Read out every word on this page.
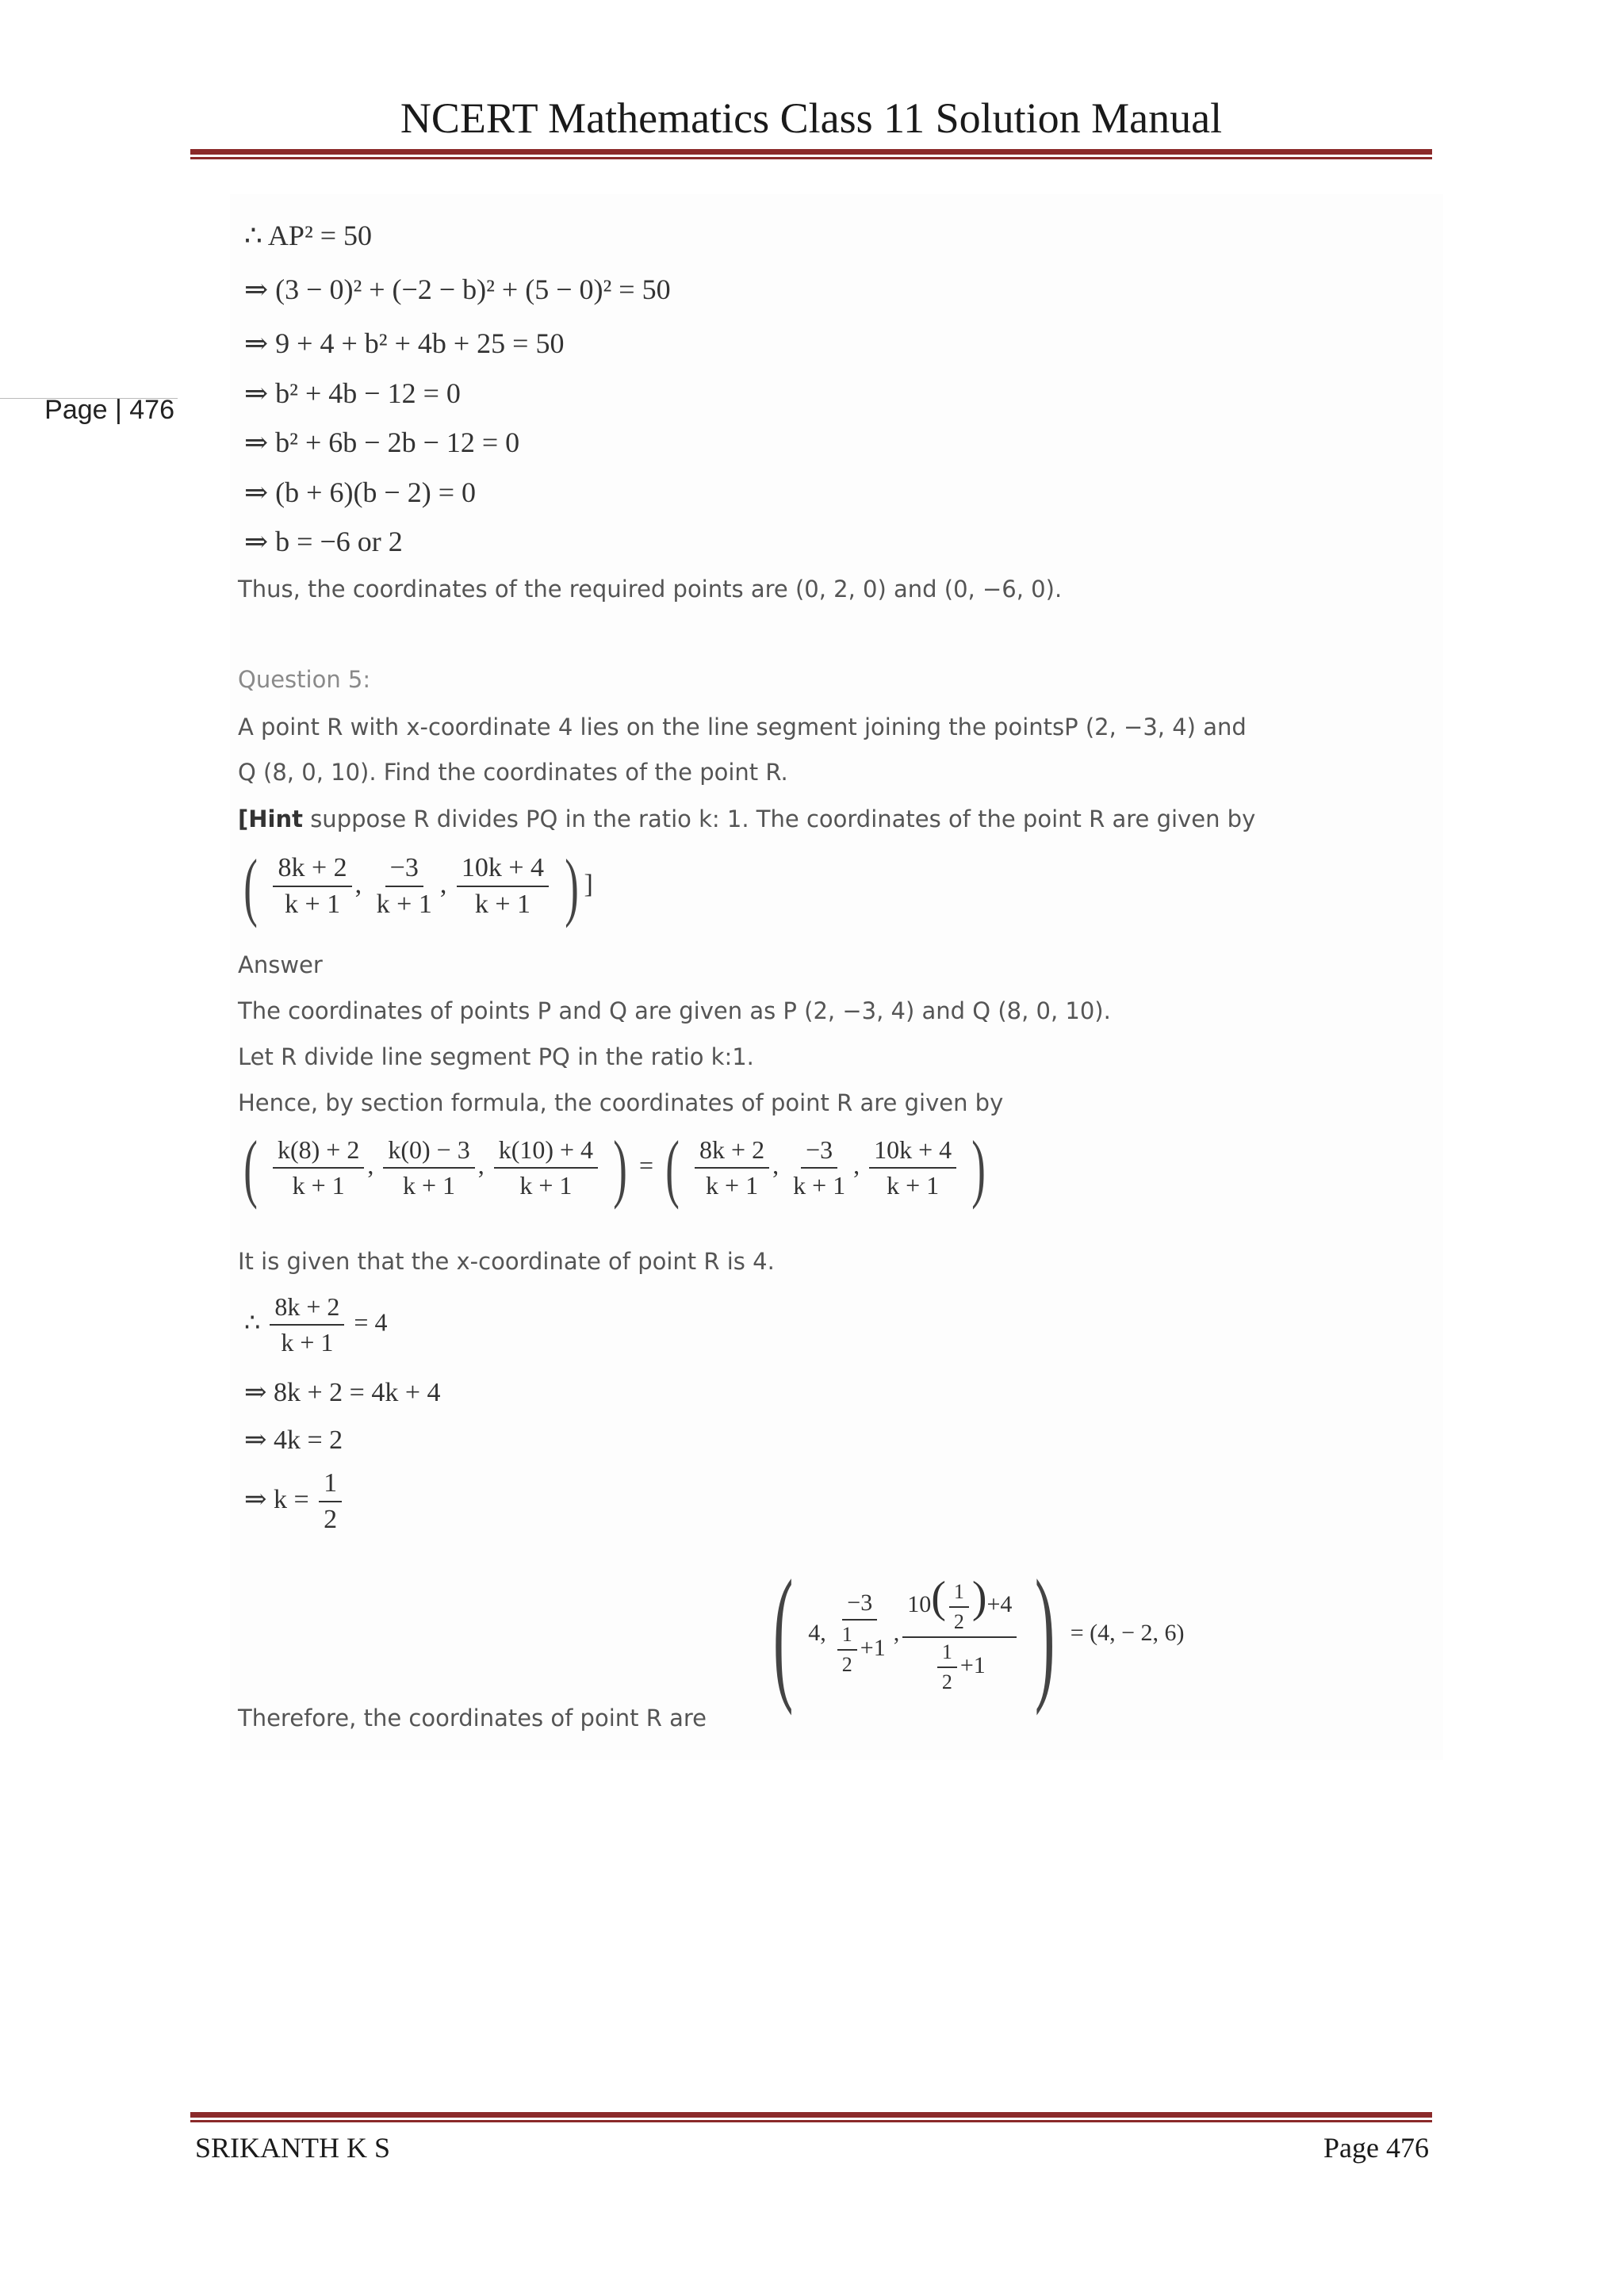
NCERT Mathematics Class 11 Solution Manual
Page | 476
∴ AP² = 50
⇒ (3 − 0)² + (−2 − b)² + (5 − 0)² = 50
⇒ 9 + 4 + b² + 4b + 25 = 50
⇒ b² + 4b − 12 = 0
⇒ b² + 6b − 2b − 12 = 0
⇒ (b + 6)(b − 2) = 0
⇒ b = −6 or 2
Thus, the coordinates of the required points are (0, 2, 0) and (0, −6, 0).
Question 5:
A point R with x-coordinate 4 lies on the line segment joining the pointsP (2, −3, 4) and
Q (8, 0, 10). Find the coordinates of the point R.
[Hint suppose R divides PQ in the ratio k: 1. The coordinates of the point R are given by
( $\frac{8k + 2}{k + 1}$ , $\frac{-3}{k + 1}$ , $\frac{10k + 4}{k + 1}$ ) ]
Answer
The coordinates of points P and Q are given as P (2, −3, 4) and Q (8, 0, 10).
Let R divide line segment PQ in the ratio k:1.
Hence, by section formula, the coordinates of point R are given by
( $\frac{k(8) + 2}{k + 1}$ , $\frac{k(0) - 3}{k + 1}$ , $\frac{k(10) + 4}{k + 1}$ ) = ( $\frac{8k + 2}{k + 1}$ , $\frac{-3}{k + 1}$ , $\frac{10k + 4}{k + 1}$ )
It is given that the x-coordinate of point R is 4.
∴ $\frac{8k + 2}{k + 1} = 4$
⇒ 8k + 2 = 4k + 4
⇒ 4k = 2
⇒ $k = \frac{1}{2}$
Therefore, the coordinates of point R are
( 4, $\frac{-3}{\frac{1}{2} +1}$ , $\frac{10( \frac{1}{2} )+4}{\frac{1}{2} +1}$ ) = (4, − 2, 6)
SRIKANTH K S	Page 476
